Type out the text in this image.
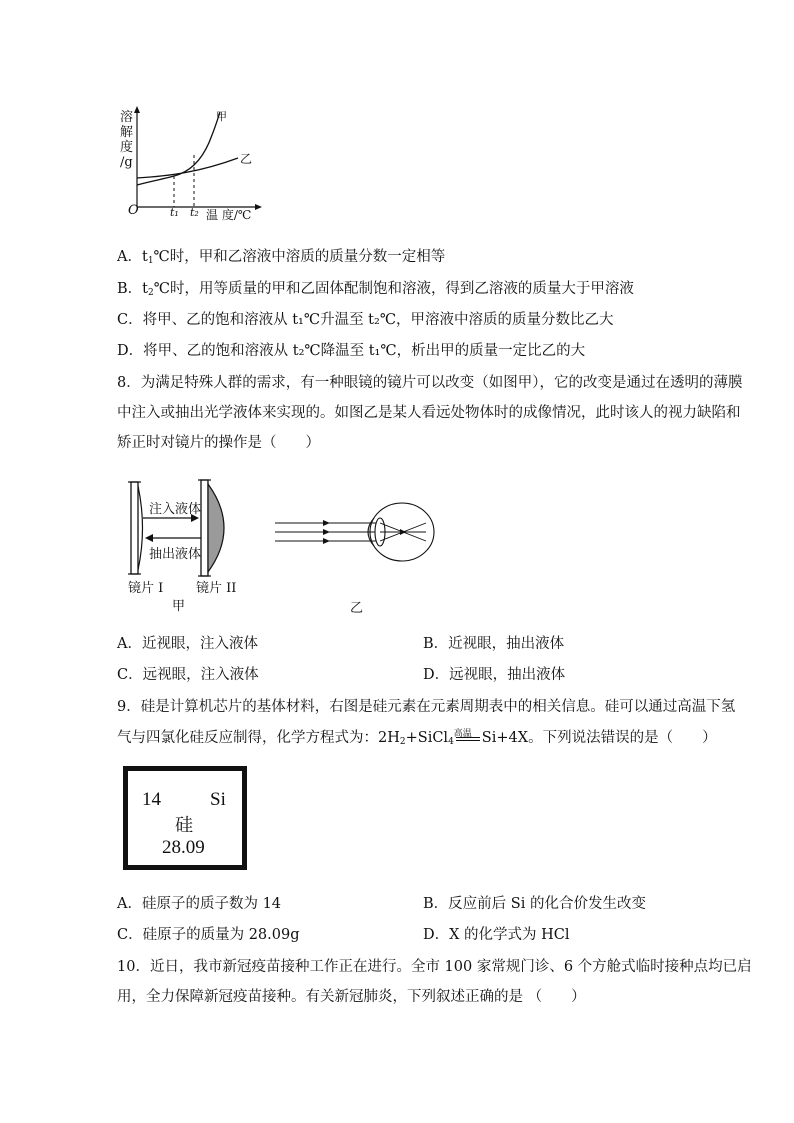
溶
解
度
/g
甲
乙
O	t₁ t₂ 温 度/℃
A．$t_1℃$时，甲和乙溶液中溶质的质量分数一定相等
B．$t_2℃$时，用等质量的甲和乙固体配制饱和溶液，得到乙溶液的质量大于甲溶液
C．将甲、乙的饱和溶液从 t₁℃升温至 t₂℃，甲溶液中溶质的质量分数比乙大
D．将甲、乙的饱和溶液从 t₂℃降温至 t₁℃，析出甲的质量一定比乙的大
8．为满足特殊人群的需求，有一种眼镜的镜片可以改变（如图甲），它的改变是通过在透明的薄膜
中注入或抽出光学液体来实现的。如图乙是某人看远处物体时的成像情况，此时该人的视力缺陷和
矫正时对镜片的操作是（　　）
注入液体
抽出液体
镜片 I	镜片 II
甲	乙
A．近视眼，注入液体	B．近视眼，抽出液体
C．远视眼，注入液体	D．远视眼，抽出液体
9．硅是计算机芯片的基体材料，右图是硅元素在元素周期表中的相关信息。硅可以通过高温下氢
气与四氯化硅反应制得，化学方程式为：$2H_2+SiCl_4$
高温 Si+4X。下列说法错误的是（　　）
14	Si
硅
28.09
A．硅原子的质子数为 14	B．反应前后 Si 的化合价发生改变
C．硅原子的质量为 28.09g	D．X 的化学式为 HCl
10．近日，我市新冠疫苗接种工作正在进行。全市 100 家常规门诊、6 个方舱式临时接种点均已启
用，全力保障新冠疫苗接种。有关新冠肺炎，下列叙述正确的是 （　　）
